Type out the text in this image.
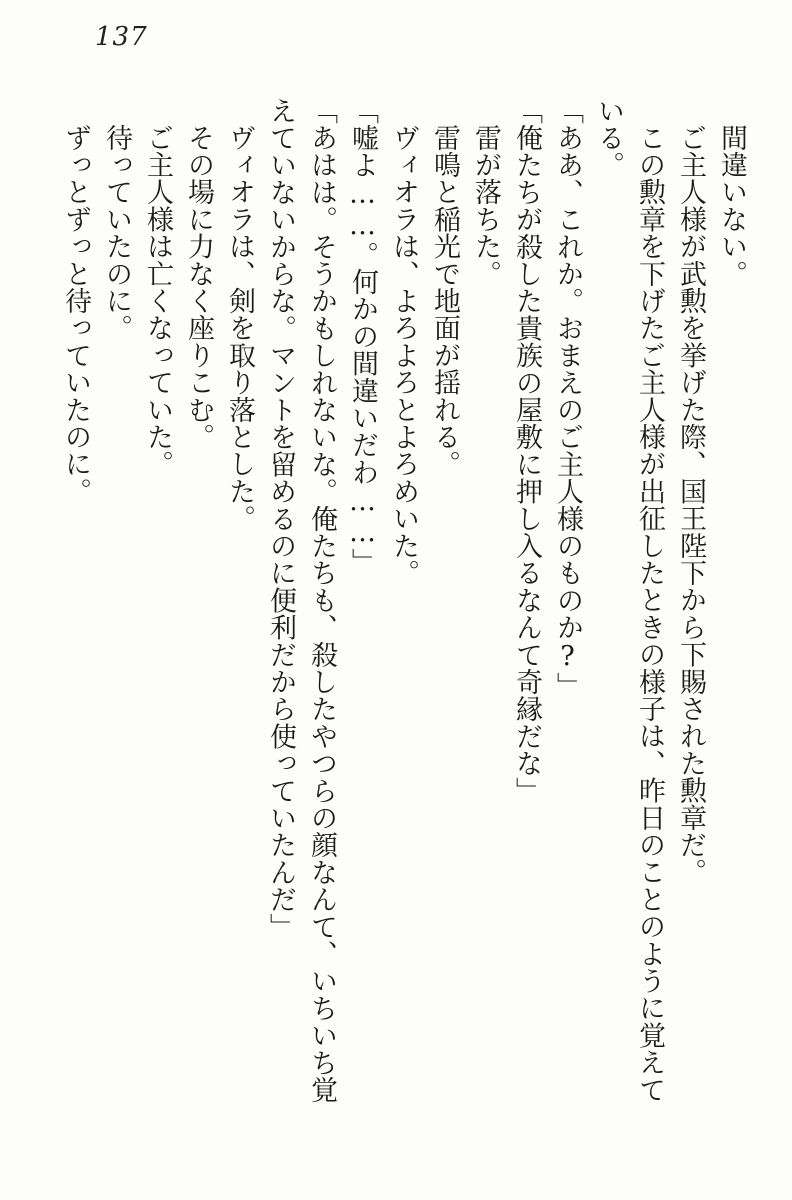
137

間違いない。

ご主人様が武勲を挙げた際、国王陛下から下賜された勲章だ。

この勲章を下げたご主人様が出征したときの様子は、昨日のことのように覚えている。

「ああ、これか。おまえのご主人様のものか?」

「俺たちが殺した貴族の屋敷に押し入るなんて奇縁だな」

雷が落ちた。

雷鳴と稲光で地面が揺れる。

ヴィオラは、よろよろとよろめいた。

「嘘よ……。何かの間違いだわ……」

「あはは。そうかもしれないな。俺たちも、殺したやつらの顔なんて、いちいち覚えていないからな。マントを留めるのに便利だから使っていたんだ」

ヴィオラは、剣を取り落とした。

その場に力なく座りこむ。

ご主人様は亡くなっていた。

待っていたのに。

ずっとずっと待っていたのに。
